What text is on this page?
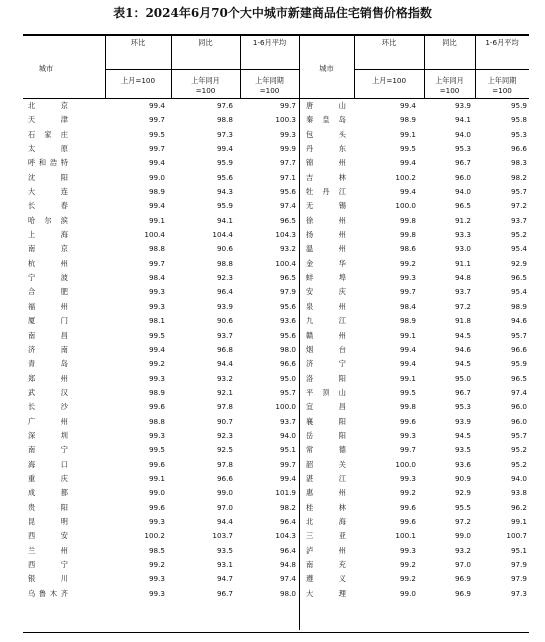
表1：2024年6月70个大中城市新建商品住宅销售价格指数
城市
环比
上月=100
同比
上年同月
=100
1-6月平均
上年同期
=100
城市
环比
上月=100
同比
上年同月
=100
1-6月平均
上年同期
=100
北京	99.4	97.6	99.7 唐山	99.4	93.9	95.9
天津	99.7	98.8	100.3 秦皇岛	98.9	94.1	95.8
石家庄	99.5	97.3	99.3 包头	99.1	94.0	95.3
太原	99.7	99.4	99.9 丹东	99.5	95.3	96.6
呼和浩特	99.4	95.9	97.7 锦州	99.4	96.7	98.3
沈阳	99.0	95.6	97.1 吉林	100.2	96.0	98.2
大连	98.9	94.3	95.6 牡丹江	99.4	94.0	95.7
长春	99.4	95.9	97.4 无锡	100.0	96.5	97.2
哈尔滨	99.1	94.1	96.5 徐州	99.8	91.2	93.7
上海	100.4	104.4	104.3 扬州	99.8	93.3	95.2
南京	98.8	90.6	93.2 温州	98.6	93.0	95.4
杭州	99.7	98.8	100.4 金华	99.2	91.1	92.9
宁波	98.4	92.3	96.5 蚌埠	99.3	94.8	96.5
合肥	99.3	96.4	97.9 安庆	99.7	93.7	95.4
福州	99.3	93.9	95.6 泉州	98.4	97.2	98.9
厦门	98.1	90.6	93.6 九江	98.9	91.8	94.6
南昌	99.5	93.7	95.6 赣州	99.1	94.5	95.7
济南	99.4	96.8	98.0 烟台	99.4	94.6	96.6
青岛	99.2	94.4	96.6 济宁	99.4	94.5	95.9
郑州	99.3	93.2	95.0 洛阳	99.1	95.0	96.5
武汉	98.9	92.1	95.7 平顶山	99.5	96.7	97.4
长沙	99.6	97.8	100.0 宜昌	99.8	95.3	96.0
广州	98.8	90.7	93.7 襄阳	99.6	93.9	96.0
深圳	99.3	92.3	94.0 岳阳	99.3	94.5	95.7
南宁	99.5	92.5	95.1 常德	99.7	93.5	95.2
海口	99.6	97.8	99.7 韶关	100.0	93.6	95.2
重庆	99.1	96.6	99.4 湛江	99.3	90.9	94.0
成都	99.0	99.0	101.9 惠州	99.2	92.9	93.8
贵阳	99.6	97.0	98.2 桂林	99.6	95.5	96.2
昆明	99.3	94.4	96.4 北海	99.6	97.2	99.1
西安	100.2	103.7	104.3 三亚	100.1	99.0	100.7
兰州	98.5	93.5	96.4 泸州	99.3	93.2	95.1
西宁	99.2	93.1	94.8 南充	99.2	97.0	97.9
银川	99.3	94.7	97.4 遵义	99.2	96.9	97.9
乌鲁木齐	99.3	96.7	98.0 大理	99.0	96.9	97.3
